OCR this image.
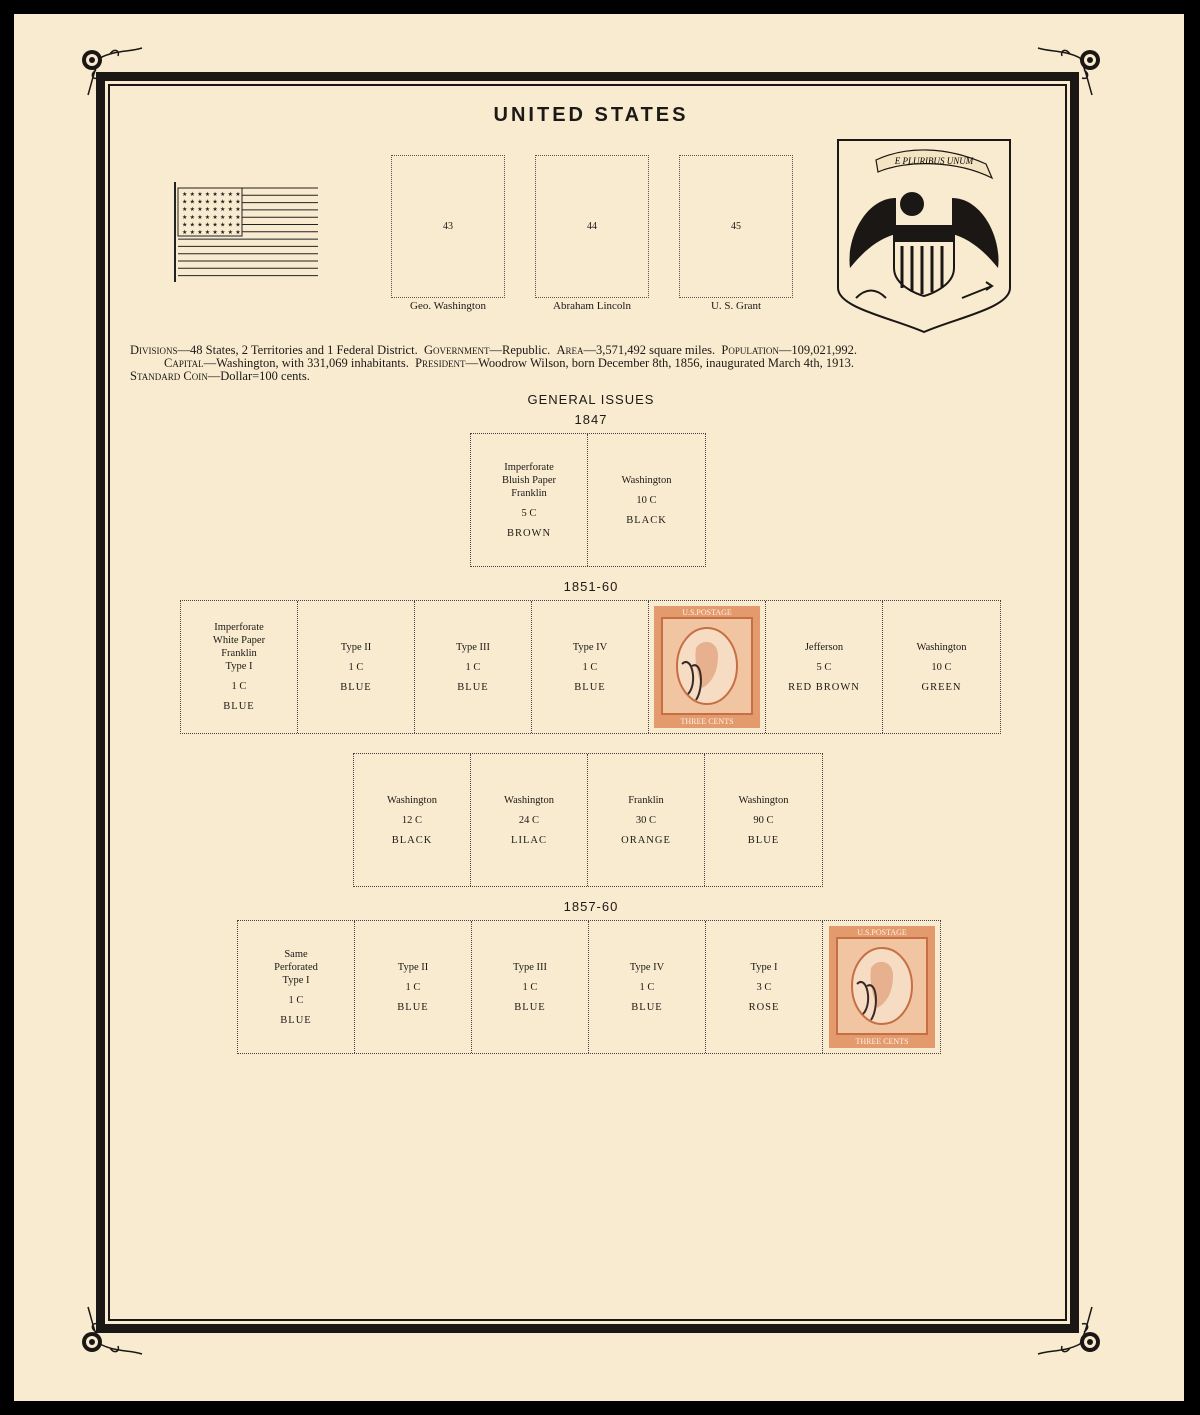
UNITED STATES
★ ★ ★ ★ ★ ★ ★ ★
★ ★ ★ ★ ★ ★ ★ ★
★ ★ ★ ★ ★ ★ ★ ★
★ ★ ★ ★ ★ ★ ★ ★
★ ★ ★ ★ ★ ★ ★ ★
★ ★ ★ ★ ★ ★ ★ ★
43
Geo. Washington
44
Abraham Lincoln
45
U. S. Grant
E PLURIBUS UNUM
Divisions—48 States, 2 Territories and 1 Federal District. Government—Republic. Area—3,571,492 square miles. Population—109,021,992.
Capital—Washington, with 331,069 inhabitants. President—Woodrow Wilson, born December 8th, 1856, inaugurated March 4th, 1913.
Standard Coin—Dollar=100 cents.
GENERAL ISSUES
1847
Imperforate
Bluish Paper
Franklin
5 C
BROWN
Washington
10 C
BLACK
1851-60
Imperforate
White Paper
Franklin
Type I
1 C
BLUE
Type II
1 C
BLUE
Type III
1 C
BLUE
Type IV
1 C
BLUE
U.S.POSTAGE
THREE CENTS
Jefferson
5 C
RED BROWN
Washington
10 C
GREEN
Washington
12 C
BLACK
Washington
24 C
LILAC
Franklin
30 C
ORANGE
Washington
90 C
BLUE
1857-60
Same
Perforated
Type I
1 C
BLUE
Type II
1 C
BLUE
Type III
1 C
BLUE
Type IV
1 C
BLUE
Type I
3 C
ROSE
U.S.POSTAGE
THREE CENTS
